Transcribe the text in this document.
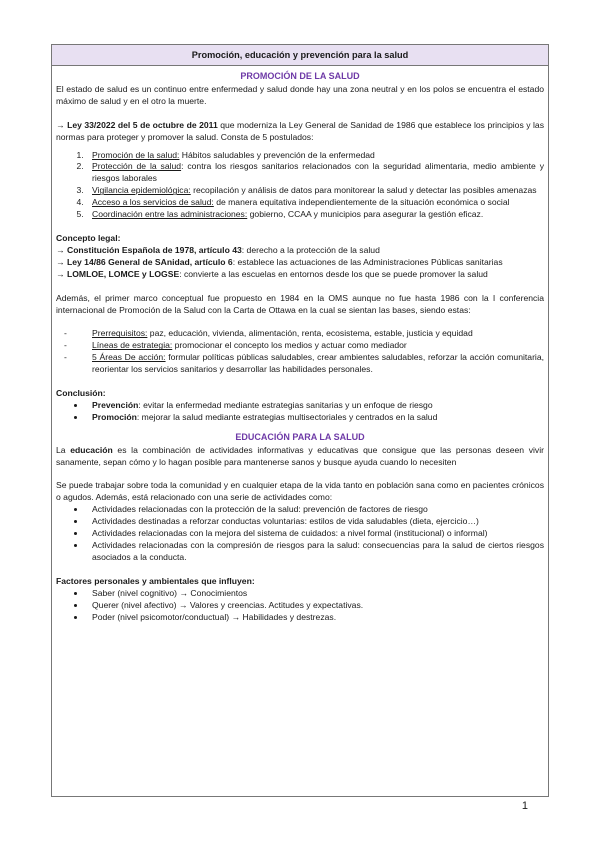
Promoción, educación y prevención para la salud
PROMOCIÓN DE LA SALUD

El estado de salud es un continuo entre enfermedad y salud donde hay una zona neutral y en los polos se encuentra el estado máximo de salud y en el otro la muerte.

→ Ley 33/2022 del 5 de octubre de 2011 que moderniza la Ley General de Sanidad de 1986 que establece los principios y las normas para proteger y promover la salud. Consta de 5 postulados:

1. Promoción de la salud: Hábitos saludables y prevención de la enfermedad
2. Protección de la salud: contra los riesgos sanitarios relacionados con la seguridad alimentaria, medio ambiente y riesgos laborales
3. Vigilancia epidemiológica: recopilación y análisis de datos para monitorear la salud y detectar las posibles amenazas
4. Acceso a los servicios de salud: de manera equitativa independientemente de la situación económica o social
5. Coordinación entre las administraciones: gobierno, CCAA y municipios para asegurar la gestión eficaz.

Concepto legal:

→ Constitución Española de 1978, artículo 43: derecho a la protección de la salud

→ Ley 14/86 General de SAnidad, artículo 6: establece las actuaciones de las Administraciones Públicas sanitarias

→ LOMLOE, LOMCE y LOGSE: convierte a las escuelas en entornos desde los que se puede promover la salud

Además, el primer marco conceptual fue propuesto en 1984 en la OMS aunque no fue hasta 1986 con la I conferencia internacional de Promoción de la Salud con la Carta de Ottawa en la cual se sientan las bases, siendo estas:

- Prerrequisitos: paz, educación, vivienda, alimentación, renta, ecosistema, estable, justicia y equidad
- Líneas de estrategia: promocionar el concepto los medios y actuar como mediador
- 5 Áreas De acción: formular políticas públicas saludables, crear ambientes saludables, reforzar la acción comunitaria, reorientar los servicios sanitarios y desarrollar las habilidades personales.

Conclusión:

• Prevención: evitar la enfermedad mediante estrategias sanitarias y un enfoque de riesgo
• Promoción: mejorar la salud mediante estrategias multisectoriales y centrados en la salud
EDUCACIÓN PARA LA SALUD

La educación es la combinación de actividades informativas y educativas que consigue que las personas deseen vivir sanamente, sepan cómo y lo hagan posible para mantenerse sanos y busque ayuda cuando lo necesiten

Se puede trabajar sobre toda la comunidad y en cualquier etapa de la vida tanto en población sana como en pacientes crónicos o agudos. Además, está relacionado con una serie de actividades como:

• Actividades relacionadas con la protección de la salud: prevención de factores de riesgo
• Actividades destinadas a reforzar conductas voluntarias: estilos de vida saludables (dieta, ejercicio…)
• Actividades relacionadas con la mejora del sistema de cuidados: a nivel formal (institucional) o informal)
• Actividades relacionadas con la compresión de riesgos para la salud: consecuencias para la salud de ciertos riesgos asociados a la conducta.

Factores personales y ambientales que influyen:

• Saber (nivel cognitivo) → Conocimientos
• Querer (nivel afectivo) → Valores y creencias. Actitudes y expectativas.
• Poder (nivel psicomotor/conductual) → Habilidades y destrezas.
1
